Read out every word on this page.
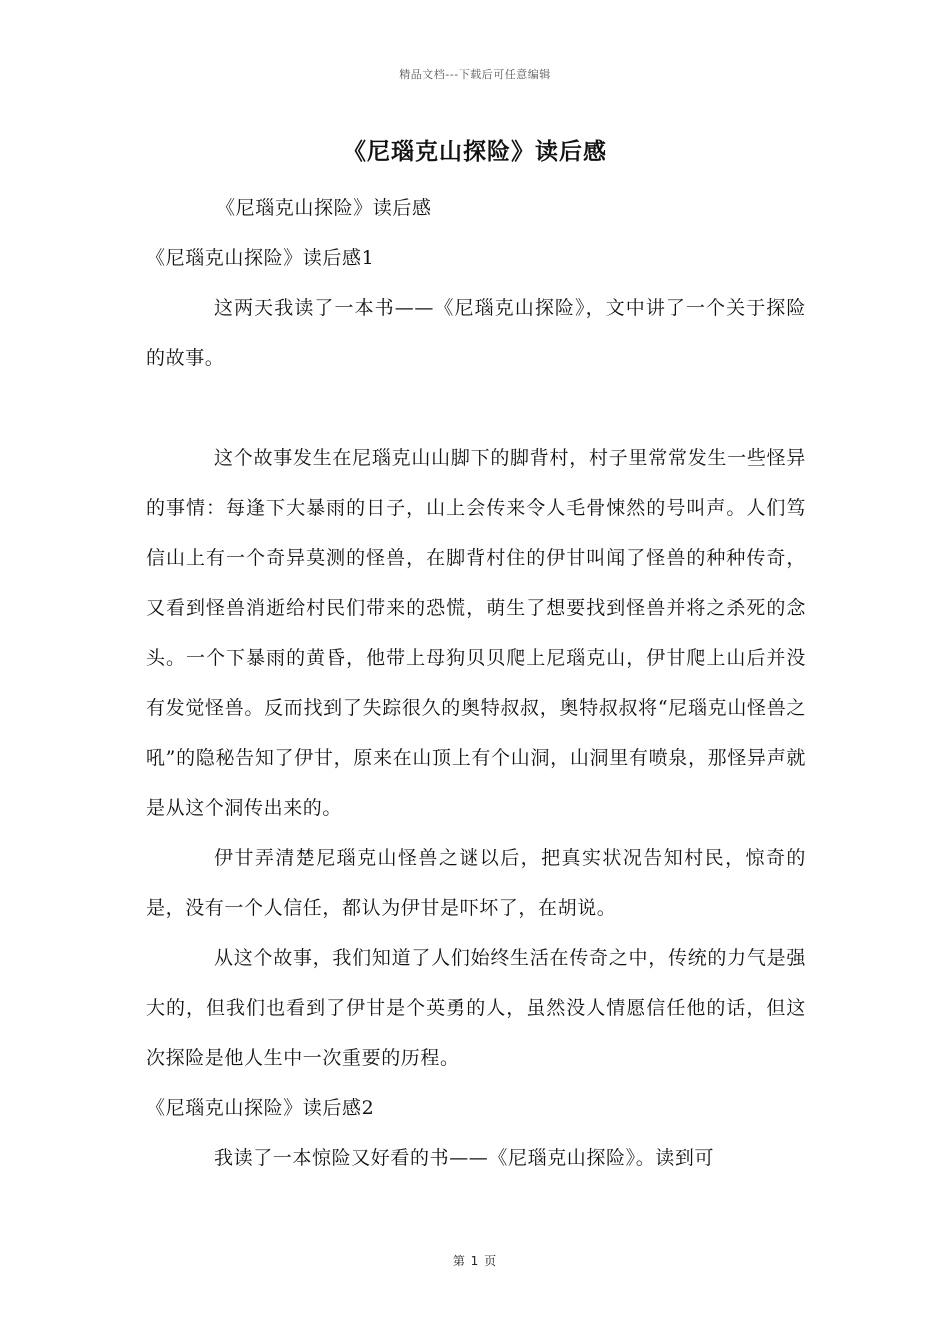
精品文档---下载后可任意编辑
《尼瑙克山探险》读后感

《尼瑙克山探险》读后感

《尼瑙克山探险》读后感1

这两天我读了一本书——《尼瑙克山探险》，文中讲了一个关于探险的故事。

这个故事发生在尼瑙克山山脚下的脚背村，村子里常常发生一些怪异的事情：每逢下大暴雨的日子，山上会传来令人毛骨悚然的号叫声。人们笃信山上有一个奇异莫测的怪兽，在脚背村住的伊甘叫闻了怪兽的种种传奇，又看到怪兽消逝给村民们带来的恐慌，萌生了想要找到怪兽并将之杀死的念头。一个下暴雨的黄昏，他带上母狗贝贝爬上尼瑙克山，伊甘爬上山后并没有发觉怪兽。反而找到了失踪很久的奥特叔叔，奥特叔叔将“尼瑙克山怪兽之吼”的隐秘告知了伊甘，原来在山顶上有个山洞，山洞里有喷泉，那怪异声就是从这个洞传出来的。

伊甘弄清楚尼瑙克山怪兽之谜以后，把真实状况告知村民，惊奇的是，没有一个人信任，都认为伊甘是吓坏了，在胡说。

从这个故事，我们知道了人们始终生活在传奇之中，传统的力气是强大的，但我们也看到了伊甘是个英勇的人，虽然没人情愿信任他的话，但这次探险是他人生中一次重要的历程。

《尼瑙克山探险》读后感2

我读了一本惊险又好看的书——《尼瑙克山探险》。读到可

第 1 页
